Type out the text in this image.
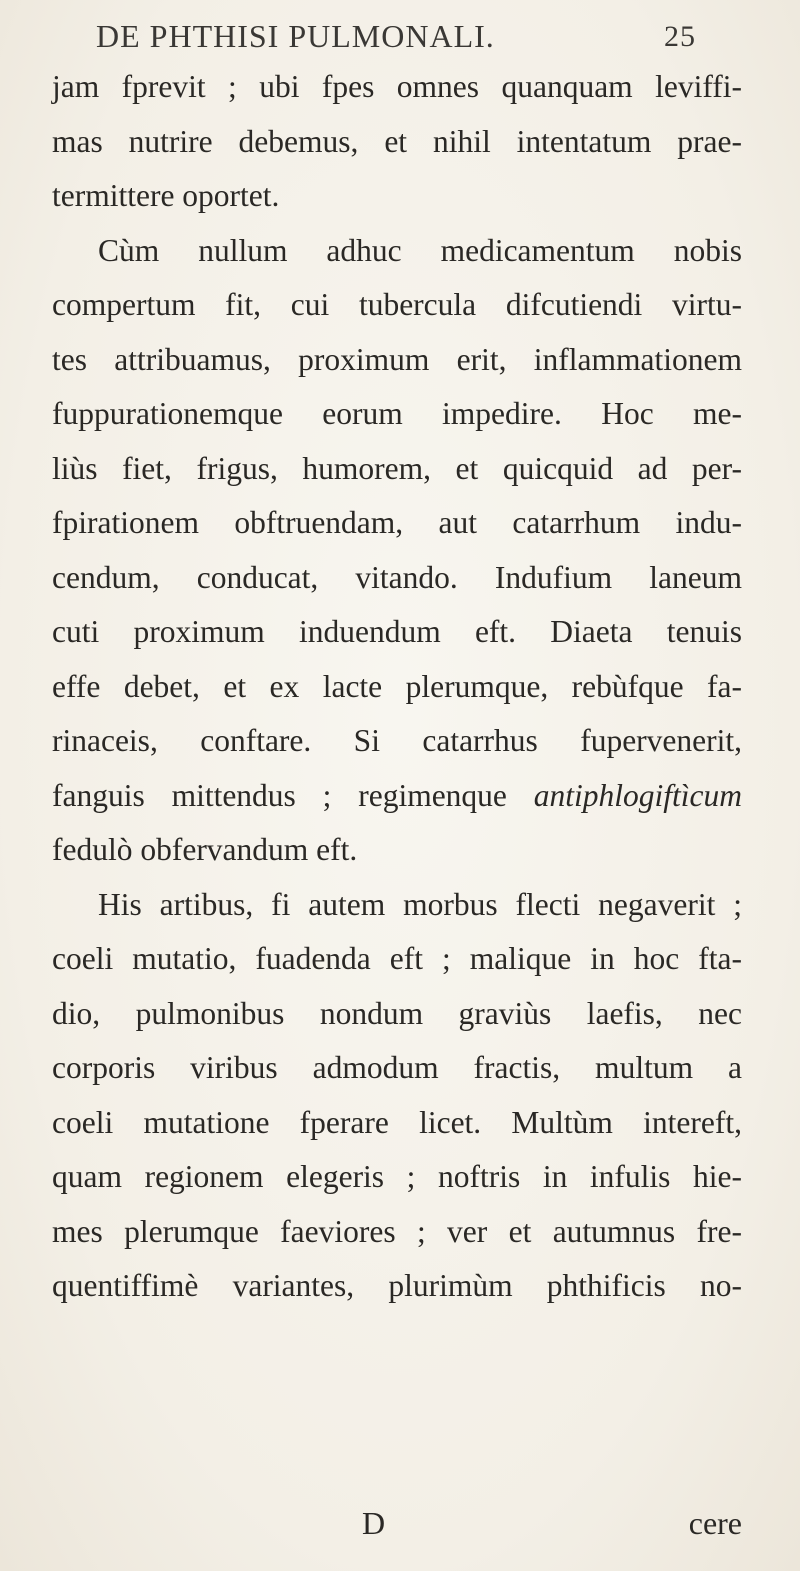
DE PHTHISI PULMONALI.	25
jam fprevit ; ubi fpes omnes quanquam leviffi-
mas nutrire debemus, et nihil intentatum prae-
termittere oportet.
Cùm nullum adhuc medicamentum nobis
compertum fit, cui tubercula difcutiendi virtu-
tes attribuamus, proximum erit, inflammationem
fuppurationemque eorum impedire. Hoc me-
liùs fiet, frigus, humorem, et quicquid ad per-
fpirationem obftruendam, aut catarrhum indu-
cendum, conducat, vitando. Indufium laneum
cuti proximum induendum eft. Diaeta tenuis
effe debet, et ex lacte plerumque, rebùfque fa-
rinaceis, conftare. Si catarrhus fupervenerit,
fanguis mittendus ; regimenque antiphlogiftìcum
fedulò obfervandum eft.
His artibus, fi autem morbus flecti negaverit ;
coeli mutatio, fuadenda eft ; malique in hoc fta-
dio, pulmonibus nondum graviùs laefis, nec
corporis viribus admodum fractis, multum a
coeli mutatione fperare licet. Multùm intereft,
quam regionem elegeris ; noftris in infulis hie-
mes plerumque faeviores ; ver et autumnus fre-
quentiffimè variantes, plurimùm phthificis no-
D	cere
